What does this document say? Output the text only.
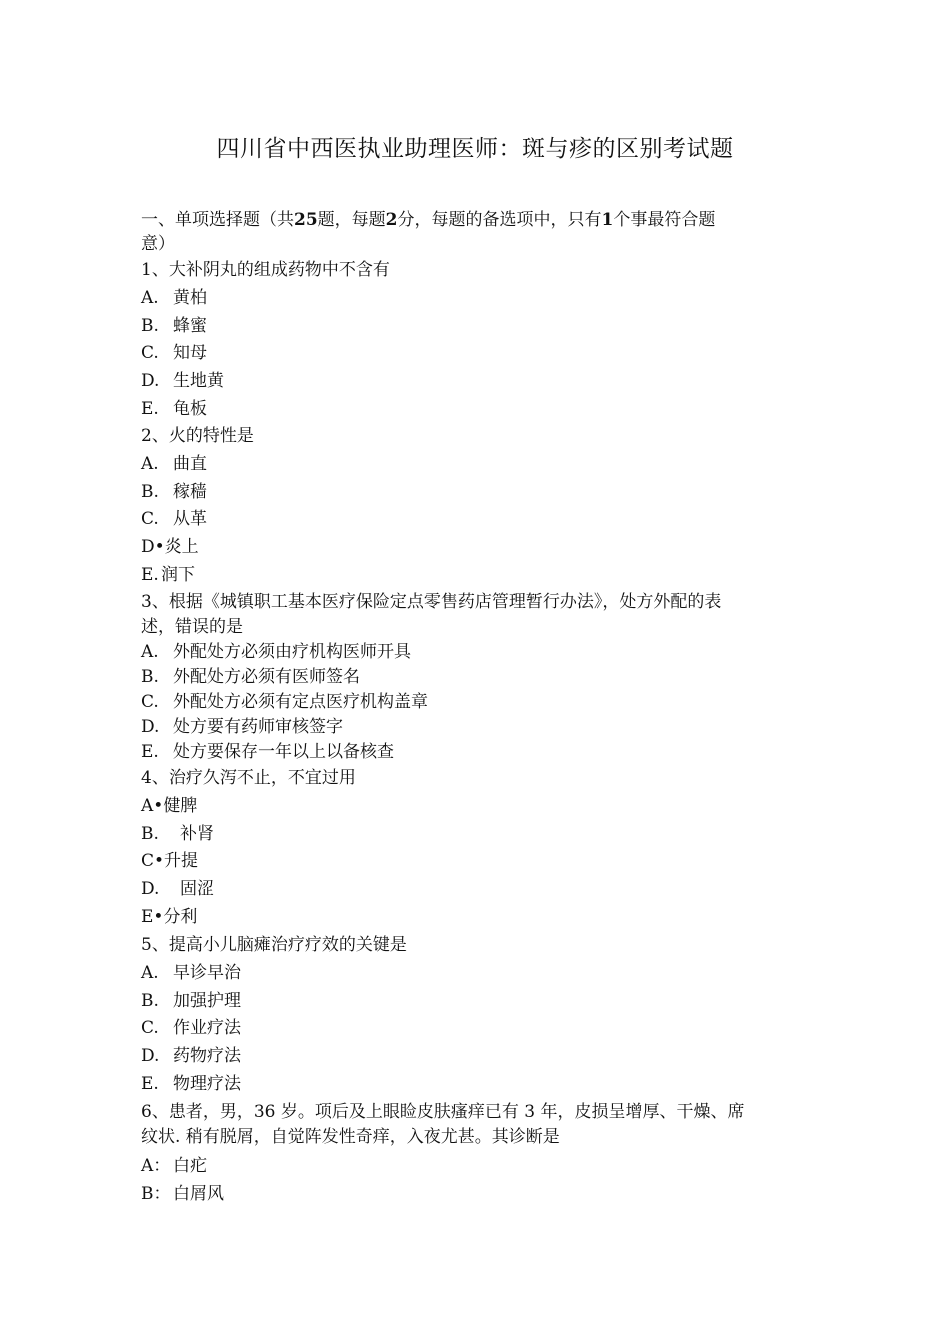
四川省中西医执业助理医师：斑与疹的区别考试题
一、单项选择题（共25题，每题2分，每题的备选项中，只有1个事最符合题
意）
1、大补阴丸的组成药物中不含有
A. 黄柏
B. 蜂蜜
C. 知母
D. 生地黄
E. 龟板
2、火的特性是
A. 曲直
B. 稼穑
C. 从革
D•炎上
E. 润下
3、根据《城镇职工基本医疗保险定点零售药店管理暂行办法》，处方外配的表
述，错误的是
A. 外配处方必须由疗机构医师开具
B. 外配处方必须有医师签名
C. 外配处方必须有定点医疗机构盖章
D. 处方要有药师审核签字
E. 处方要保存一年以上以备核查
4、治疗久泻不止，不宜过用
A•健脾
B. 补肾
C•升提
D. 固涩
E•分利
5、提高小儿脑瘫治疗疗效的关键是
A. 早诊早治
B. 加强护理
C. 作业疗法
D. 药物疗法
E. 物理疗法
6、患者，男，36 岁。项后及上眼睑皮肤瘙痒已有 3 年，皮损呈增厚、干燥、席
纹状. 稍有脱屑，自觉阵发性奇痒，入夜尤甚。其诊断是
A： 白疕
B： 白屑风
